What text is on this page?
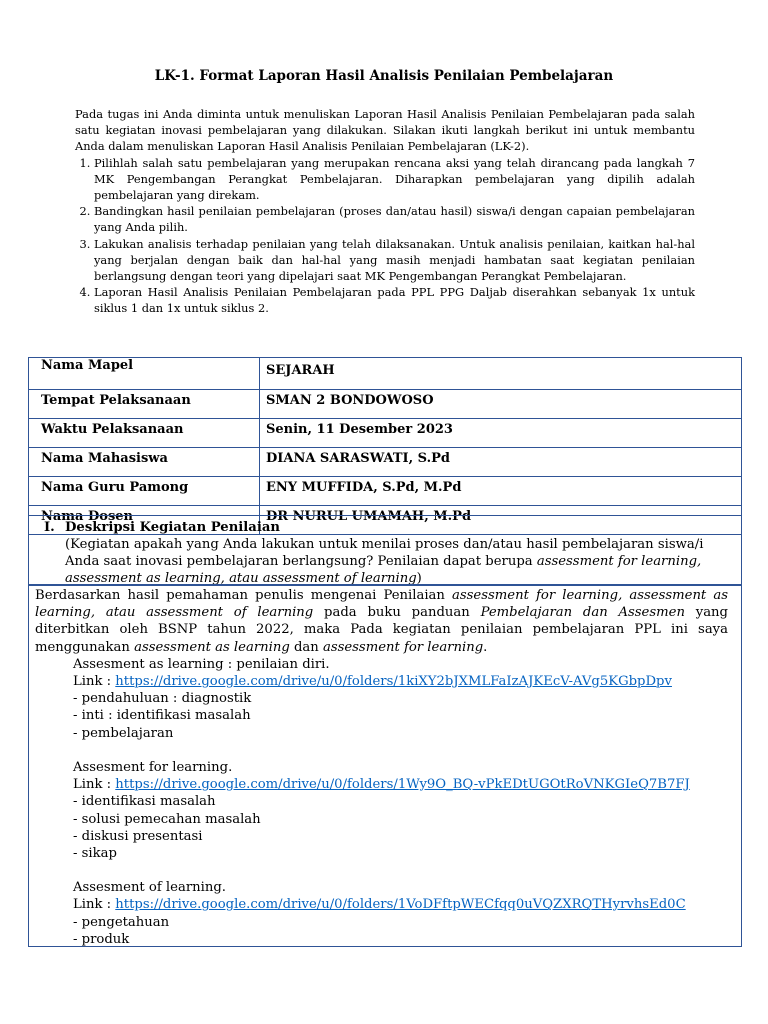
LK-1. Format Laporan Hasil Analisis Penilaian Pembelajaran

Pada tugas ini Anda diminta untuk menuliskan Laporan Hasil Analisis Penilaian Pembelajaran pada salah satu kegiatan inovasi pembelajaran yang dilakukan. Silakan ikuti langkah berikut ini untuk membantu Anda dalam menuliskan Laporan Hasil Analisis Penilaian Pembelajaran (LK-2).

1. Pilihlah salah satu pembelajaran yang merupakan rencana aksi yang telah dirancang pada langkah 7 MK Pengembangan Perangkat Pembelajaran. Diharapkan pembelajaran yang dipilih adalah pembelajaran yang direkam.
2. Bandingkan hasil penilaian pembelajaran (proses dan/atau hasil) siswa/i dengan capaian pembelajaran yang Anda pilih.
3. Lakukan analisis terhadap penilaian yang telah dilaksanakan. Untuk analisis penilaian, kaitkan hal-hal yang berjalan dengan baik dan hal-hal yang masih menjadi hambatan saat kegiatan penilaian berlangsung dengan teori yang dipelajari saat MK Pengembangan Perangkat Pembelajaran.
4. Laporan Hasil Analisis Penilaian Pembelajaran pada PPL PPG Daljab diserahkan sebanyak 1x untuk siklus 1 dan 1x untuk siklus 2.
Nama Mapel	SEJARAH
Tempat Pelaksanaan	SMAN 2 BONDOWOSO
Waktu Pelaksanaan	Senin, 11 Desember 2023
Nama Mahasiswa	DIANA SARASWATI, S.Pd
Nama Guru Pamong	ENY MUFFIDA, S.Pd, M.Pd
Nama Dosen	DR NURUL UMAMAH, M.Pd
I. Deskripsi Kegiatan Penilaian
(Kegiatan apakah yang Anda lakukan untuk menilai proses dan/atau hasil pembelajaran siswa/i Anda saat inovasi pembelajaran berlangsung? Penilaian dapat berupa assessment for learning, assessment as learning, atau assessment of learning)
Berdasarkan hasil pemahaman penulis mengenai Penilaian assessment for learning, assessment as learning, atau assessment of learning pada buku panduan Pembelajaran dan Assesmen yang diterbitkan oleh BSNP tahun 2022, maka Pada kegiatan penilaian pembelajaran PPL ini saya menggunakan assessment as learning dan assessment for learning.
Assesment as learning : penilaian diri.
Link : https://drive.google.com/drive/u/0/folders/1kiXY2bJXMLFaIzAJKEcV-AVg5KGbpDpv
- pendahuluan : diagnostik
- inti : identifikasi masalah
- pembelajaran
Assesment for learning.
Link : https://drive.google.com/drive/u/0/folders/1Wy9O_BQ-vPkEDtUGOtRoVNKGIeQ7B7FJ
- identifikasi masalah
- solusi pemecahan masalah
- diskusi presentasi
- sikap
Assesment of learning.
Link : https://drive.google.com/drive/u/0/folders/1VoDFftpWECfqq0uVQZXRQTHyrvhsEd0C
- pengetahuan
- produk
